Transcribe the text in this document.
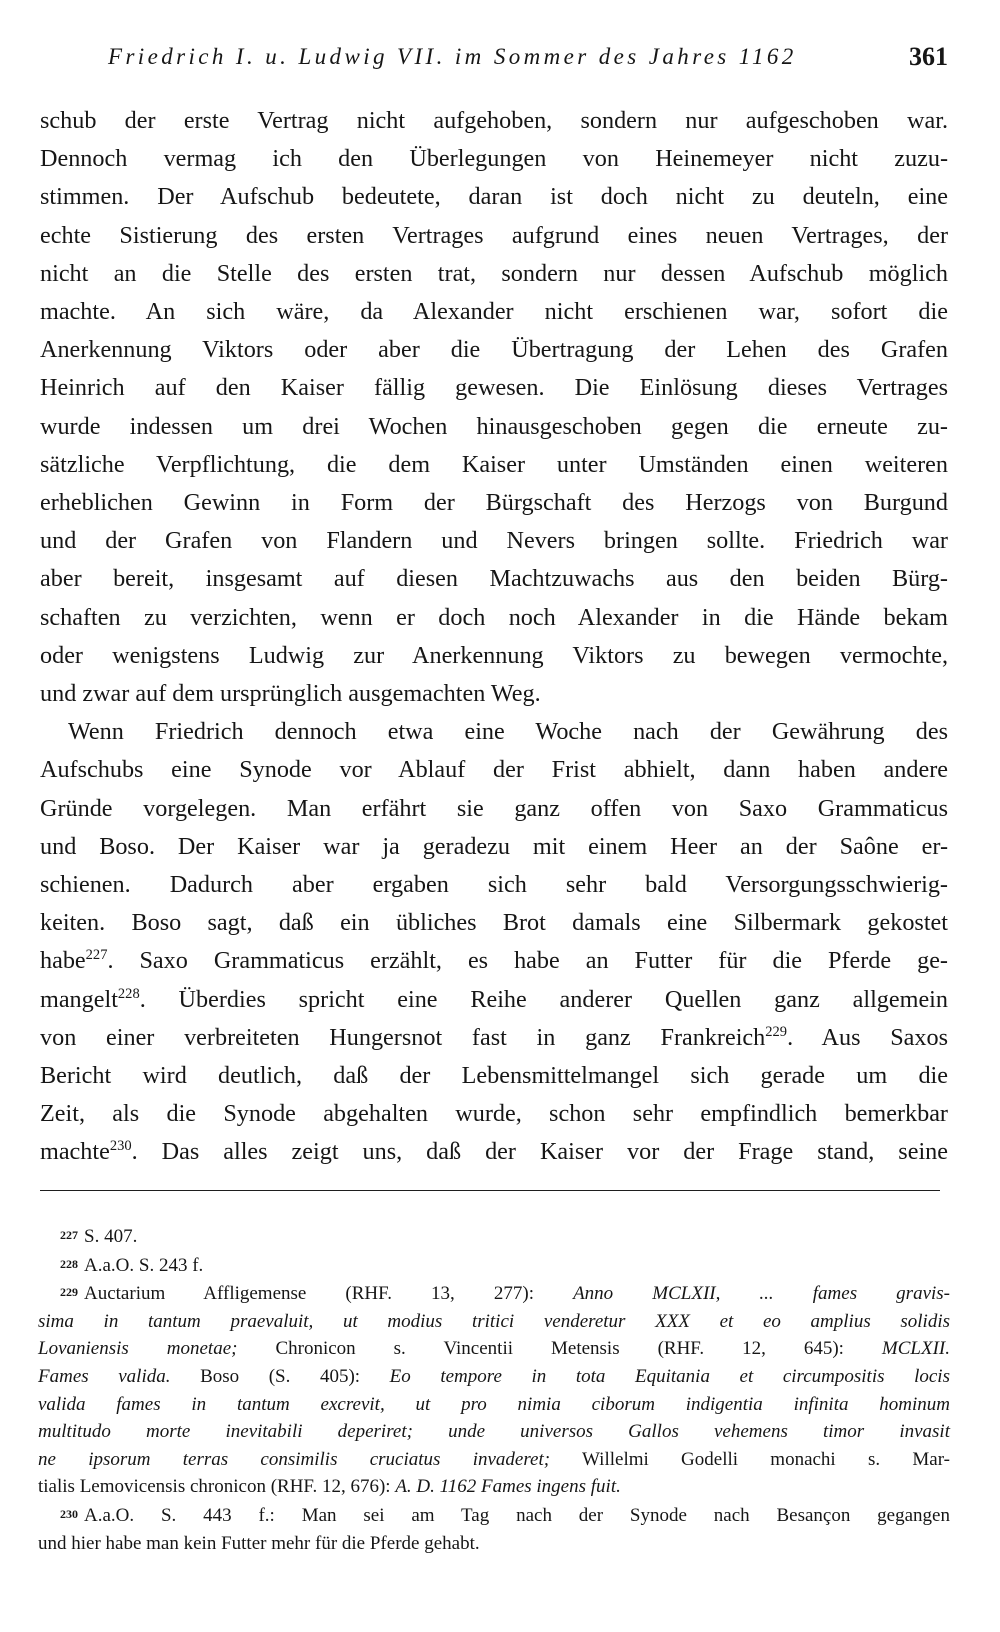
Friedrich I. u. Ludwig VII. im Sommer des Jahres 1162	361
schub der erste Vertrag nicht aufgehoben, sondern nur aufgeschoben war.
Dennoch vermag ich den Überlegungen von Heinemeyer nicht zuzu-
stimmen. Der Aufschub bedeutete, daran ist doch nicht zu deuteln, eine
echte Sistierung des ersten Vertrages aufgrund eines neuen Vertrages, der
nicht an die Stelle des ersten trat, sondern nur dessen Aufschub möglich
machte. An sich wäre, da Alexander nicht erschienen war, sofort die
Anerkennung Viktors oder aber die Übertragung der Lehen des Grafen
Heinrich auf den Kaiser fällig gewesen. Die Einlösung dieses Vertrages
wurde indessen um drei Wochen hinausgeschoben gegen die erneute zu-
sätzliche Verpflichtung, die dem Kaiser unter Umständen einen weiteren
erheblichen Gewinn in Form der Bürgschaft des Herzogs von Burgund
und der Grafen von Flandern und Nevers bringen sollte. Friedrich war
aber bereit, insgesamt auf diesen Machtzuwachs aus den beiden Bürg-
schaften zu verzichten, wenn er doch noch Alexander in die Hände bekam
oder wenigstens Ludwig zur Anerkennung Viktors zu bewegen vermochte,
und zwar auf dem ursprünglich ausgemachten Weg.
Wenn Friedrich dennoch etwa eine Woche nach der Gewährung des
Aufschubs eine Synode vor Ablauf der Frist abhielt, dann haben andere
Gründe vorgelegen. Man erfährt sie ganz offen von Saxo Grammaticus
und Boso. Der Kaiser war ja geradezu mit einem Heer an der Saône er-
schienen. Dadurch aber ergaben sich sehr bald Versorgungsschwierig-
keiten. Boso sagt, daß ein übliches Brot damals eine Silbermark gekostet
habe$^{227}$. Saxo Grammaticus erzählt, es habe an Futter für die Pferde ge-
mangelt$^{228}$. Überdies spricht eine Reihe anderer Quellen ganz allgemein
von einer verbreiteten Hungersnot fast in ganz Frankreich$^{229}$. Aus Saxos
Bericht wird deutlich, daß der Lebensmittelmangel sich gerade um die
Zeit, als die Synode abgehalten wurde, schon sehr empfindlich bemerkbar
machte$^{230}$. Das alles zeigt uns, daß der Kaiser vor der Frage stand, seine
227 S. 407.
228 A.a.O. S. 243 f.
229 Auctarium Affligemense (RHF. 13, 277): Anno MCLXII, ... fames gravis-
sima in tantum praevaluit, ut modius tritici venderetur XXX et eo amplius solidis
Lovaniensis monetae; Chronicon s. Vincentii Metensis (RHF. 12, 645): MCLXII.
Fames valida. Boso (S. 405): Eo tempore in tota Equitania et circumpositis locis
valida fames in tantum excrevit, ut pro nimia ciborum indigentia infinita hominum
multitudo morte inevitabili deperiret; unde universos Gallos vehemens timor invasit
ne ipsorum terras consimilis cruciatus invaderet; Willelmi Godelli monachi s. Mar-
tialis Lemovicensis chronicon (RHF. 12, 676): A. D. 1162 Fames ingens fuit.
230 A.a.O. S. 443 f.: Man sei am Tag nach der Synode nach Besançon gegangen
und hier habe man kein Futter mehr für die Pferde gehabt.
